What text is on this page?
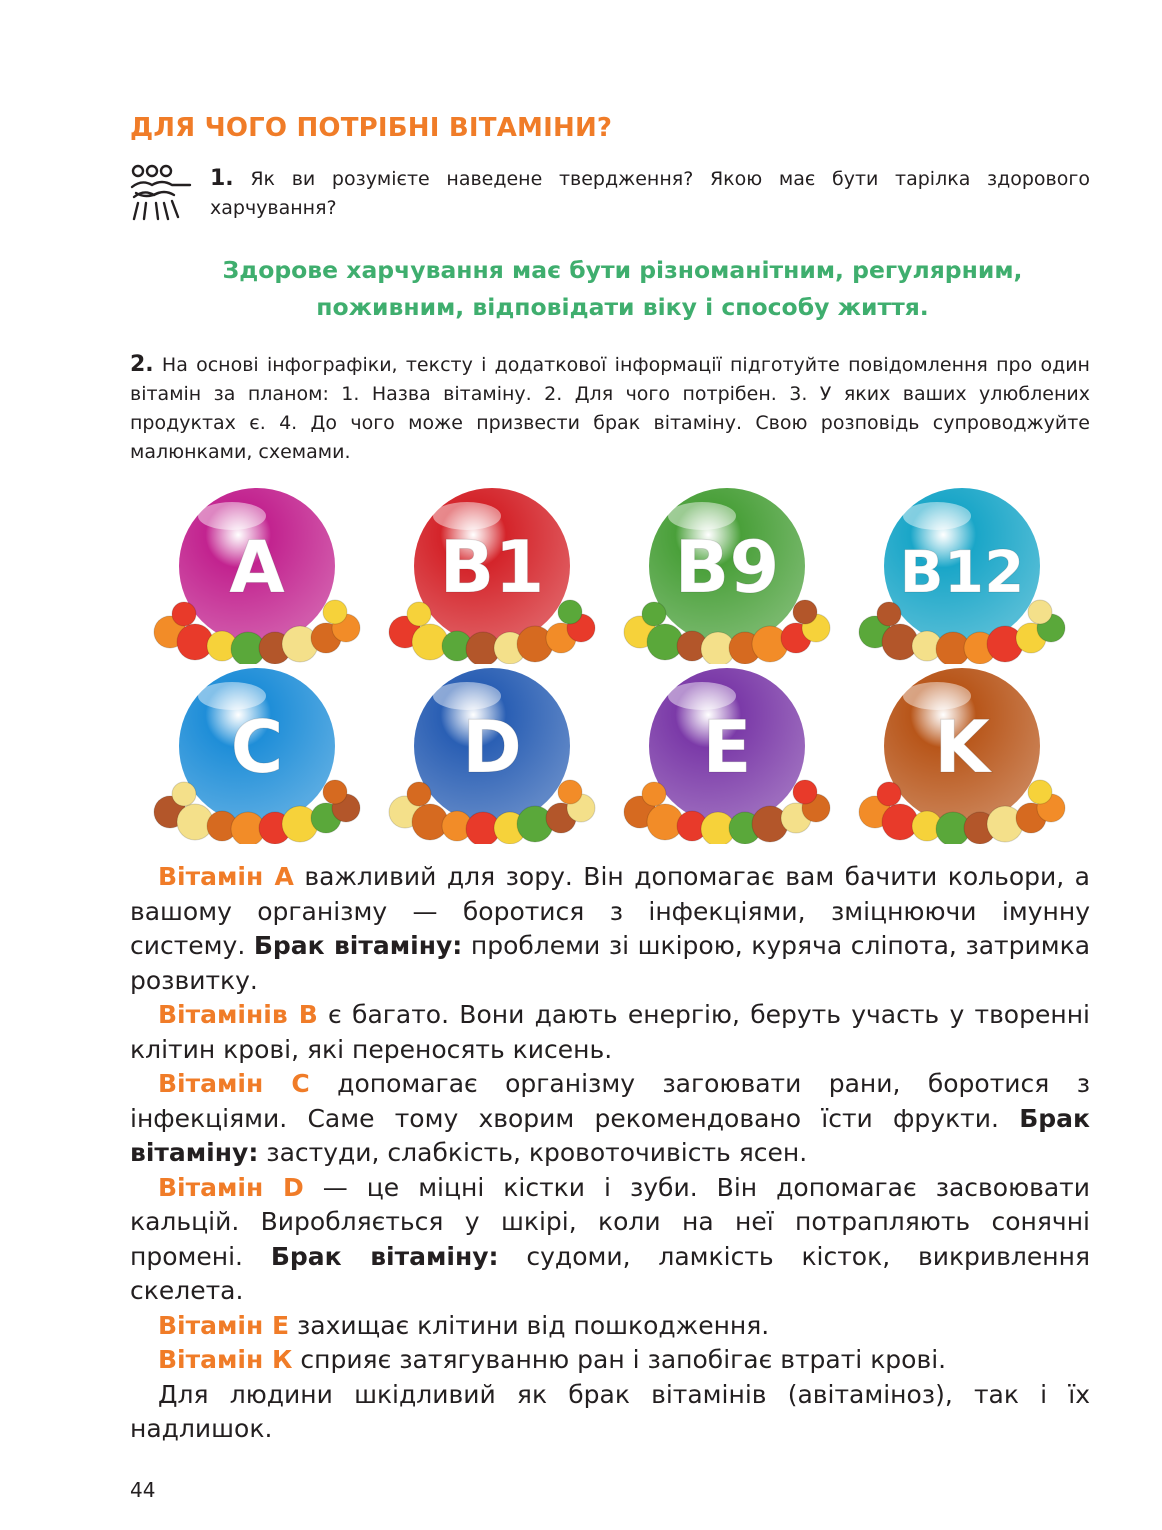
ДЛЯ ЧОГО ПОТРІБНІ ВІТАМІНИ?
1. Як ви розумієте наведене твердження? Якою має бути тарілка здорового харчування?
Здорове харчування має бути різноманітним, регулярним,
поживним, відповідати віку і способу життя.
2. На основі інфографіки, тексту і додаткової інформації підготуйте повідомлення про один вітамін за планом: 1. Назва вітаміну. 2. Для чого потрібен. 3. У яких ваших улюблених продуктах є. 4. До чого може призвести брак вітаміну. Свою розповідь супроводжуйте малюнками, схемами.
A B1 B9 B12
C D	E	K

Вітамін А важливий для зору. Він допомагає вам бачити кольори, а вашому організму — боротися з інфекціями, зміцнюючи імунну систему. Брак вітаміну: проблеми зі шкірою, куряча сліпота, затримка розвитку.

Вітамінів В є багато. Вони дають енергію, беруть участь у творенні клітин крові, які переносять кисень.

Вітамін С допомагає організму загоювати рани, боротися з інфекціями. Саме тому хворим рекомендовано їсти фрукти. Брак вітаміну: застуди, слабкість, кровоточивість ясен.

Вітамін D — це міцні кістки і зуби. Він допомагає засвоювати кальцій. Виробляється у шкірі, коли на неї потрапляють сонячні промені. Брак вітаміну: судоми, ламкість кісток, викривлення скелета.

Вітамін Е захищає клітини від пошкодження.

Вітамін К сприяє затягуванню ран і запобігає втраті крові.

Для людини шкідливий як брак вітамінів (авітаміноз), так і їх надлишок.

44
